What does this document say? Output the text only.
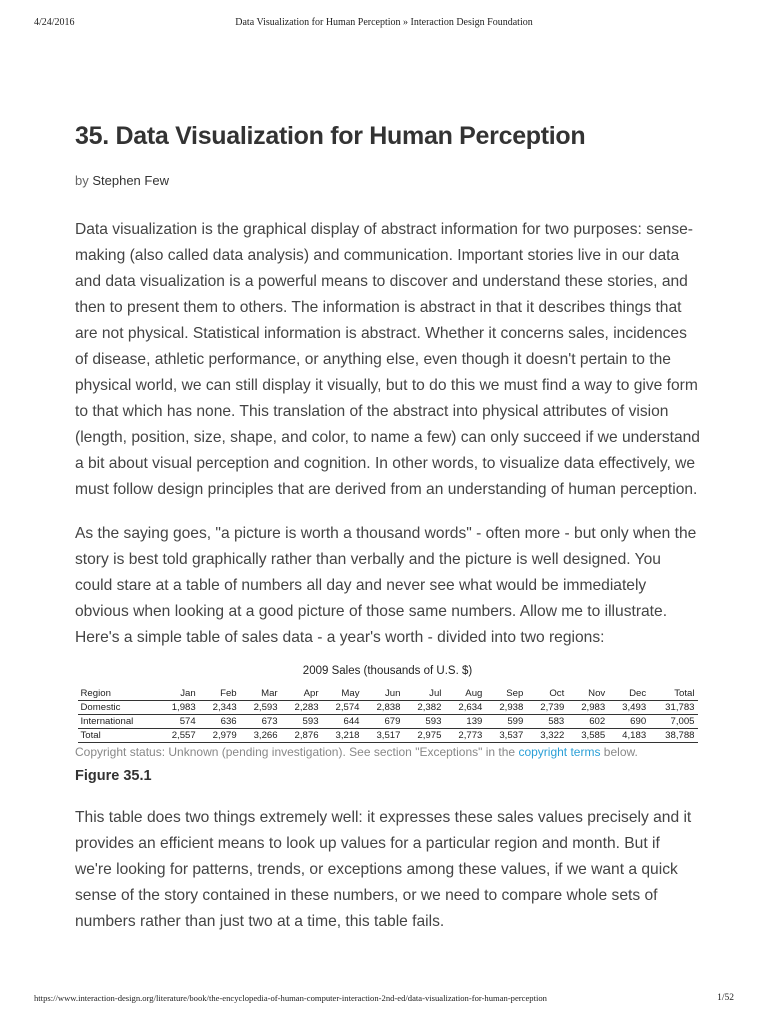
4/24/2016	Data Visualization for Human Perception » Interaction Design Foundation
35. Data Visualization for Human Perception
by Stephen Few

Data visualization is the graphical display of abstract information for two purposes: sense-making (also called data analysis) and communication. Important stories live in our data and data visualization is a powerful means to discover and understand these stories, and then to present them to others. The information is abstract in that it describes things that are not physical. Statistical information is abstract. Whether it concerns sales, incidences of disease, athletic performance, or anything else, even though it doesn't pertain to the physical world, we can still display it visually, but to do this we must find a way to give form to that which has none. This translation of the abstract into physical attributes of vision (length, position, size, shape, and color, to name a few) can only succeed if we understand a bit about visual perception and cognition. In other words, to visualize data effectively, we must follow design principles that are derived from an understanding of human perception.

As the saying goes, "a picture is worth a thousand words" - often more - but only when the story is best told graphically rather than verbally and the picture is well designed. You could stare at a table of numbers all day and never see what would be immediately obvious when looking at a good picture of those same numbers. Allow me to illustrate. Here's a simple table of sales data - a year's worth - divided into two regions:

2009 Sales (thousands of U.S. $)
Region	Jan	Feb	Mar	Apr	May	Jun	Jul	Aug	Sep	Oct	Nov	Dec	Total
Domestic	1,983	2,343	2,593	2,283	2,574	2,838	2,382	2,634	2,938	2,739	2,983	3,493	31,783
International	574	636	673	593	644	679	593	139	599	583	602	690	7,005
Total	2,557	2,979	3,266	2,876	3,218	3,517	2,975	2,773	3,537	3,322	3,585	4,183	38,788
Copyright status: Unknown (pending investigation). See section "Exceptions" in the copyright terms below.
Figure 35.1

This table does two things extremely well: it expresses these sales values precisely and it provides an efficient means to look up values for a particular region and month. But if we're looking for patterns, trends, or exceptions among these values, if we want a quick sense of the story contained in these numbers, or we need to compare whole sets of numbers rather than just two at a time, this table fails.

https://www.interaction-design.org/literature/book/the-encyclopedia-of-human-computer-interaction-2nd-ed/data-visualization-for-human-perception	1/52
